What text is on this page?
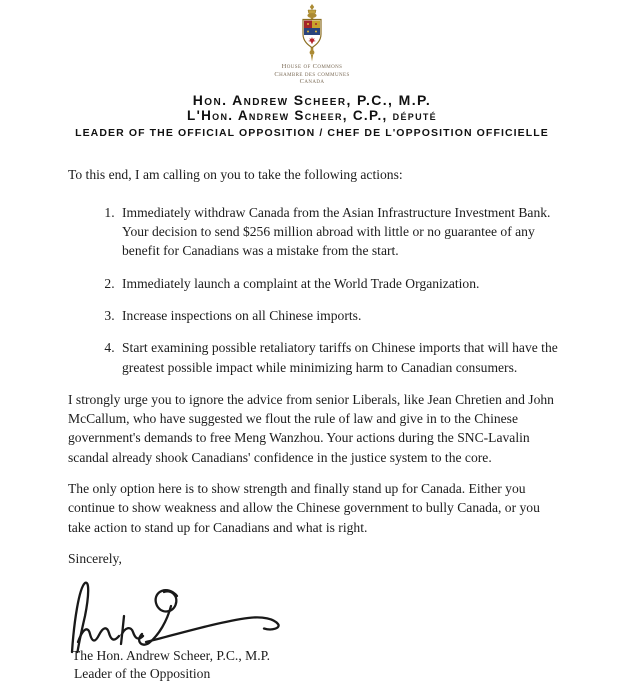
House of Commons
Chambre des communes
Canada
Hon. Andrew Scheer, P.C., M.P.
L'Hon. Andrew Scheer, C.P., député
LEADER OF THE OFFICIAL OPPOSITION / CHEF DE L'OPPOSITION OFFICIELLE

To this end, I am calling on you to take the following actions:

1. Immediately withdraw Canada from the Asian Infrastructure Investment Bank. Your decision to send $256 million abroad with little or no guarantee of any benefit for Canadians was a mistake from the start.
2. Immediately launch a complaint at the World Trade Organization.
3. Increase inspections on all Chinese imports.
4. Start examining possible retaliatory tariffs on Chinese imports that will have the greatest possible impact while minimizing harm to Canadian consumers.

I strongly urge you to ignore the advice from senior Liberals, like Jean Chretien and John McCallum, who have suggested we flout the rule of law and give in to the Chinese government's demands to free Meng Wanzhou. Your actions during the SNC-Lavalin scandal already shook Canadians' confidence in the justice system to the core.

The only option here is to show strength and finally stand up for Canada. Either you continue to show weakness and allow the Chinese government to bully Canada, or you take action to stand up for Canadians and what is right.

Sincerely,

The Hon. Andrew Scheer, P.C., M.P.
Leader of the Opposition
